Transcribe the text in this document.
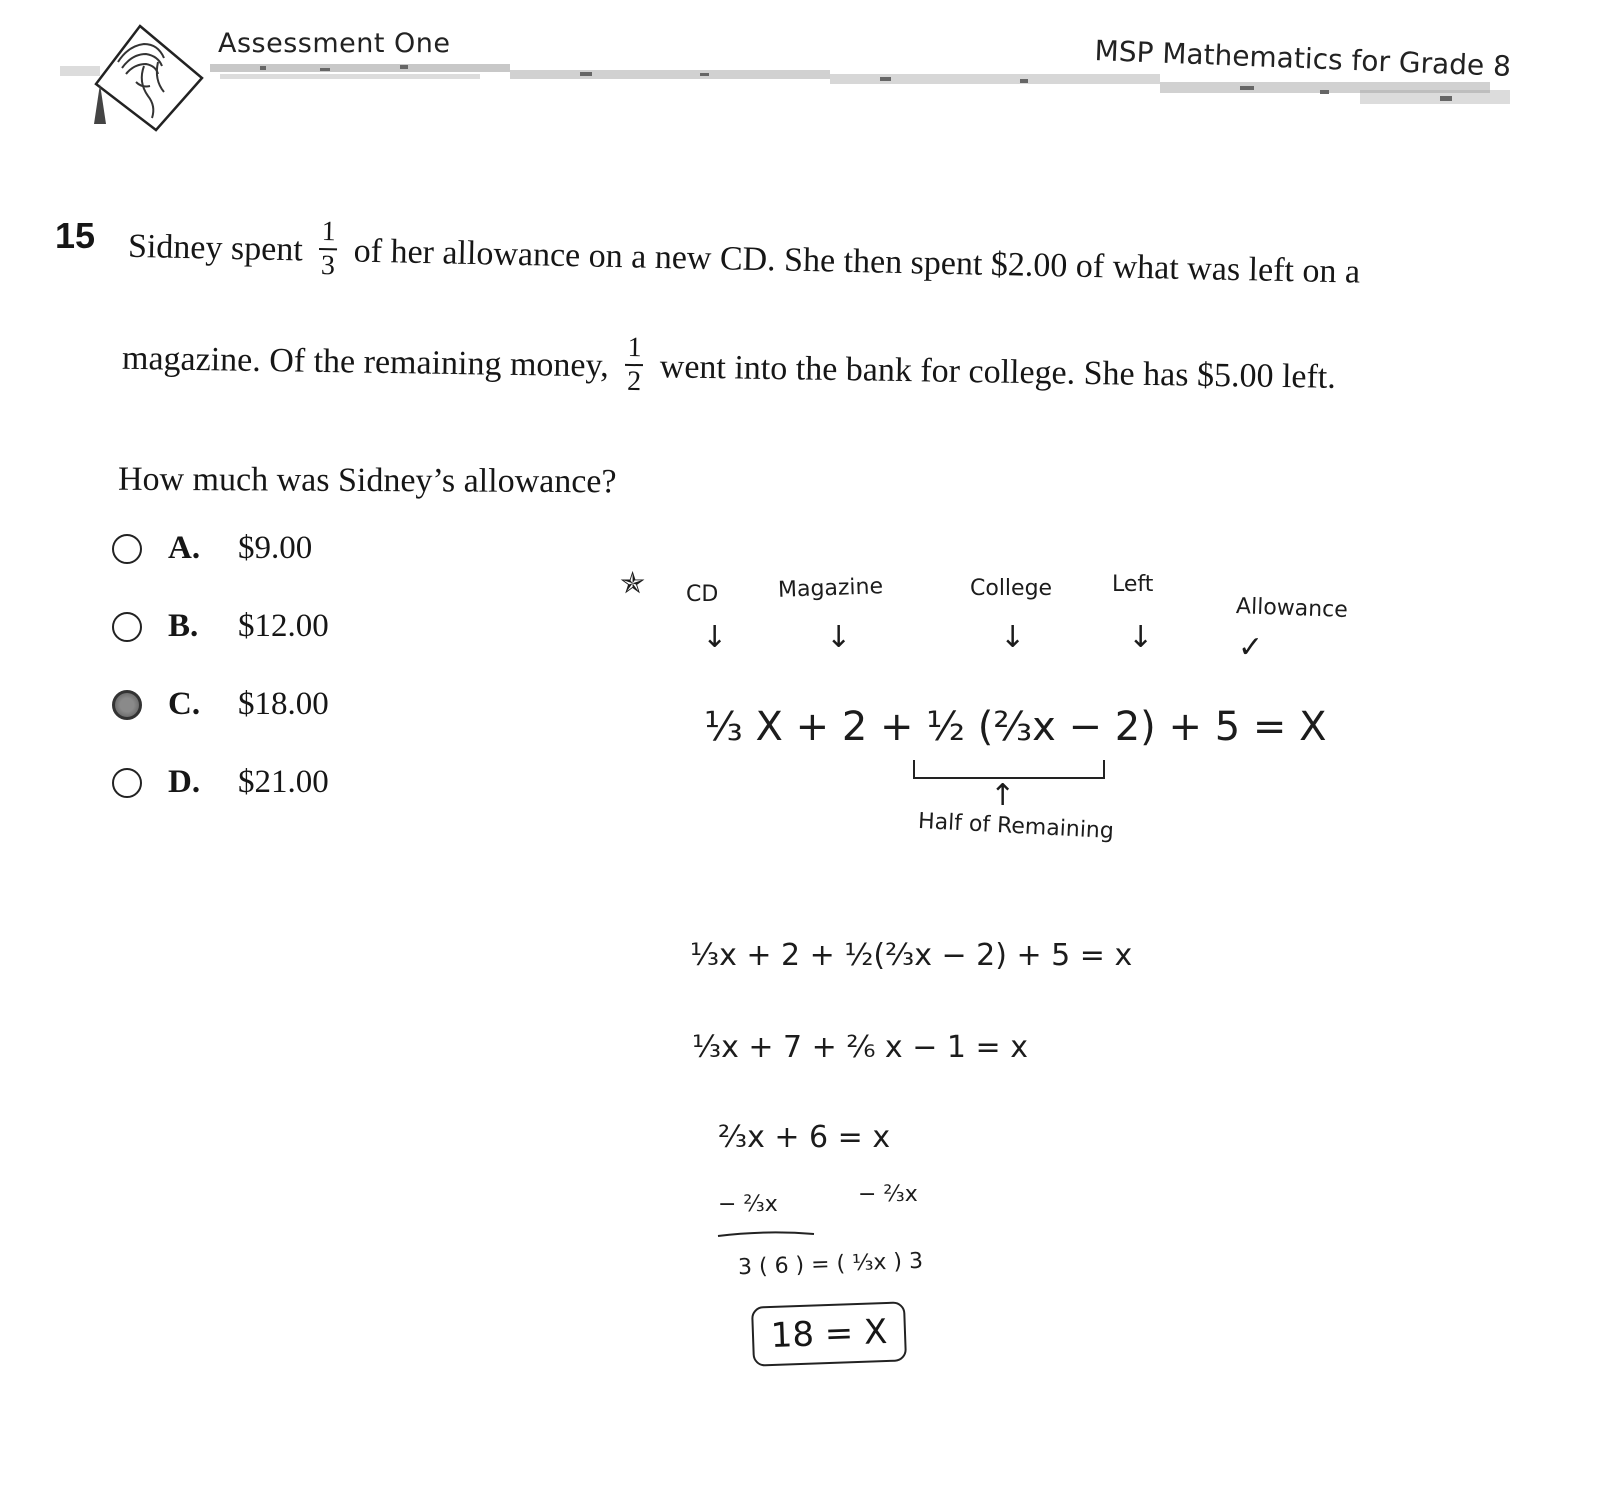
Assessment One	MSP Mathematics for Grade 8
15 Sidney spent $\frac{1}{3}$ of her allowance on a new CD. She then spent $2.00 of what was left on a
magazine. Of the remaining money, $\frac{1}{2}$ went into the bank for college. She has $5.00 left.
How much was Sidney’s allowance?
A.	$9.00
B.	$12.00
C.	$18.00
D.	$21.00
✯ CD	Magazine	College	Left
Allowance
↓	↓	↓	↓	✓
⅓ X + 2 + ½ (⅔x − 2) + 5 = X
↑
Half of Remaining
⅓x + 2 + ½(⅔x − 2) + 5 = x
⅓x + 7 + ²⁄₆ x − 1 = x
⅔x + 6 = x
− ⅔x	− ⅔x
3 ( 6 ) = ( ⅓x ) 3
18 = X
